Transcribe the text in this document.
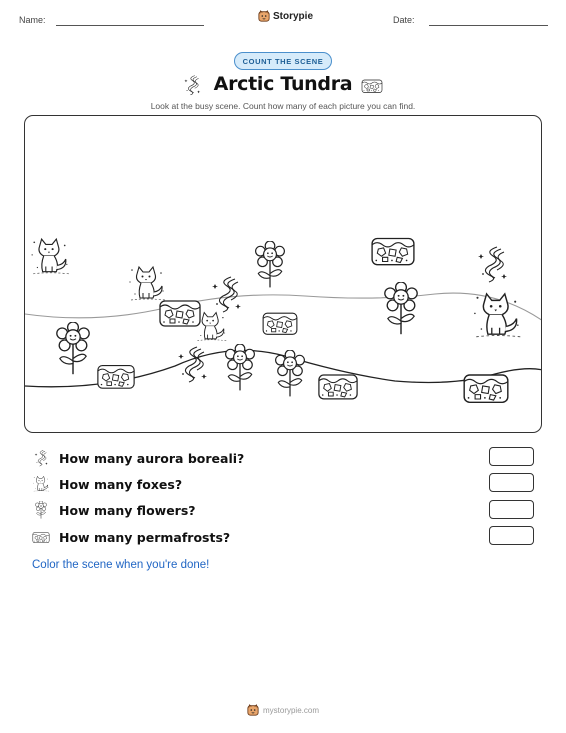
Name:	Storypie	Date:
COUNT THE SCENE
Arctic Tundra
Look at the busy scene. Count how many of each picture you can find.
How many aurora boreali?
How many foxes?
How many flowers?
How many permafrosts?
Color the scene when you're done!
mystorypie.com
